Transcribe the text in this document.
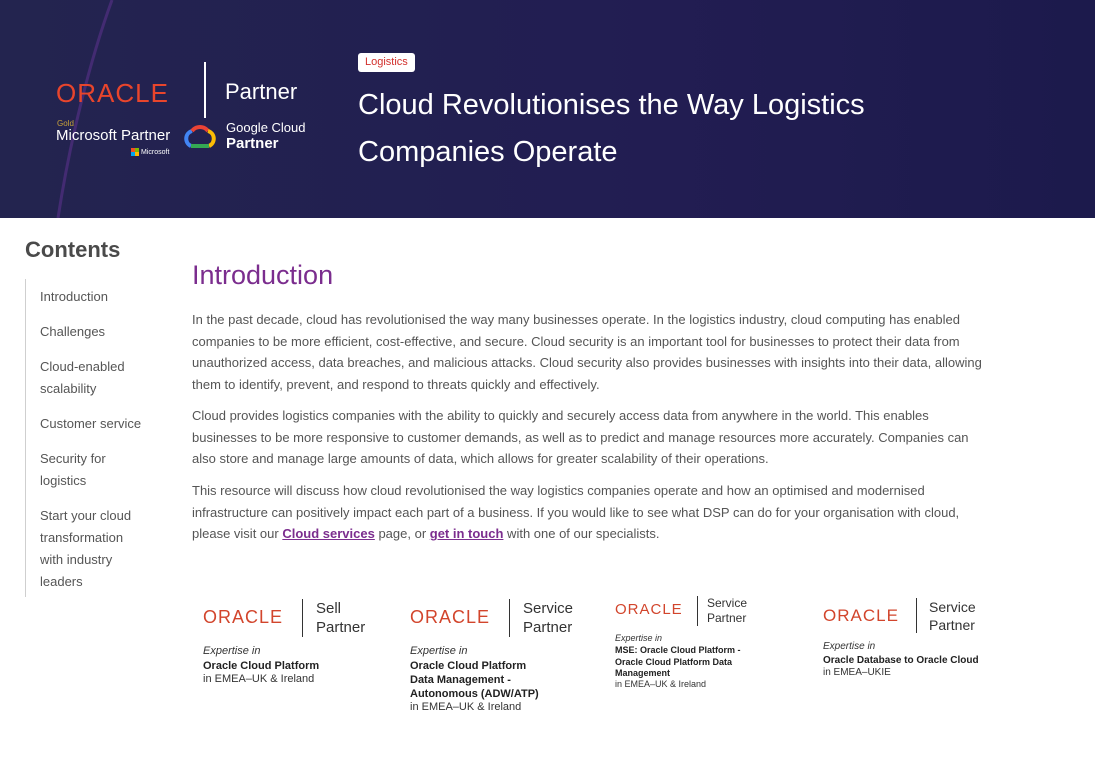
ORACLE	Partner
Gold
Microsoft Partner
Microsoft
Google Cloud
Partner
Logistics
Cloud Revolutionises the Way Logistics Companies Operate
Contents
Introduction
Challenges
Cloud-enabled scalability
Customer service
Security for logistics
Start your cloud transformation with industry leaders
Introduction

In the past decade, cloud has revolutionised the way many businesses operate. In the logistics industry, cloud computing has enabled companies to be more efficient, cost-effective, and secure. Cloud security is an important tool for businesses to protect their data from unauthorized access, data breaches, and malicious attacks. Cloud security also provides businesses with insights into their data, allowing them to identify, prevent, and respond to threats quickly and effectively.

Cloud provides logistics companies with the ability to quickly and securely access data from anywhere in the world. This enables businesses to be more responsive to customer demands, as well as to predict and manage resources more accurately. Companies can also store and manage large amounts of data, which allows for greater scalability of their operations.

This resource will discuss how cloud revolutionised the way logistics companies operate and how an optimised and modernised infrastructure can positively impact each part of a business. If you would like to see what DSP can do for your organisation with cloud, please visit our Cloud services page, or get in touch with one of our specialists.

ORACLE Sell
Partner
Expertise in
Oracle Cloud Platform
in EMEA–UK & Ireland
ORACLE Service
Partner
Expertise in
Oracle Cloud Platform
Data Management -
Autonomous (ADW/ATP)
in EMEA–UK & Ireland
ORACLE Service
Partner
Expertise in
MSE: Oracle Cloud Platform -
Oracle Cloud Platform Data
Management
in EMEA–UK & Ireland
ORACLE Service
Partner
Expertise in
Oracle Database to Oracle Cloud
in EMEA–UKIE
